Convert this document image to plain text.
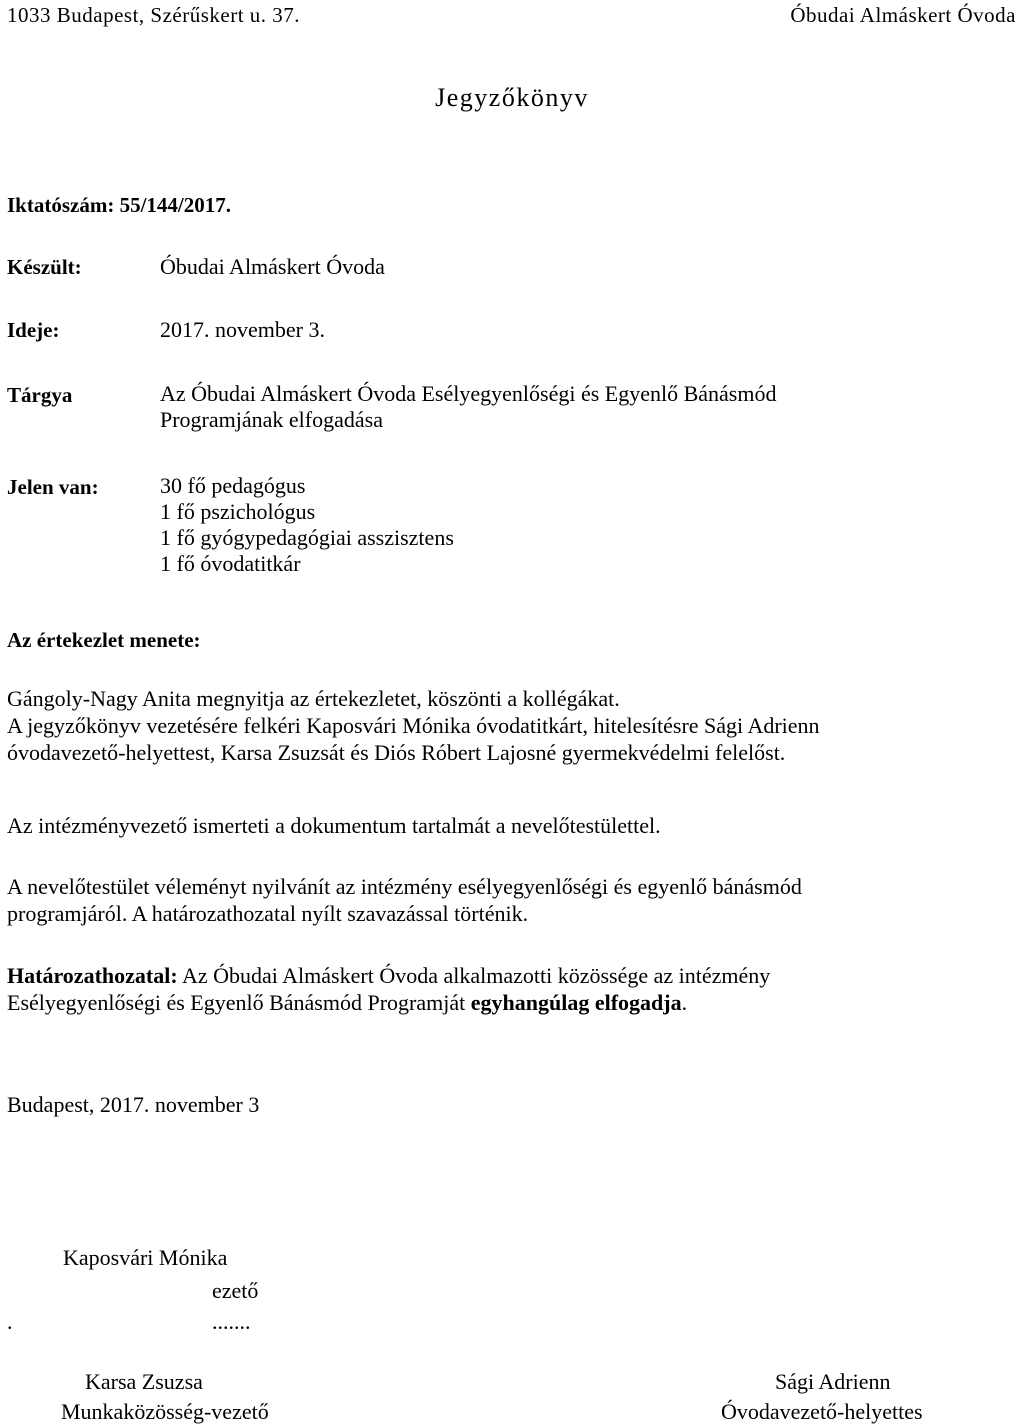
1033 Budapest, Szérűskert u. 37.	Óbudai Almáskert Óvoda
Jegyzőkönyv
Iktatószám: 55/144/2017.
Készült:	Óbudai Almáskert Óvoda
Ideje:	2017. november 3.
Tárgya	Az Óbudai Almáskert Óvoda Esélyegyenlőségi és Egyenlő Bánásmód
Programjának elfogadása
Jelen van:	30 fő pedagógus
1 fő pszichológus
1 fő gyógypedagógiai asszisztens
1 fő óvodatitkár
Az értekezlet menete:
Gángoly-Nagy Anita megnyitja az értekezletet, köszönti a kollégákat.
A jegyzőkönyv vezetésére felkéri Kaposvári Mónika óvodatitkárt, hitelesítésre Sági Adrienn
óvodavezető-helyettest, Karsa Zsuzsát és Diós Róbert Lajosné gyermekvédelmi felelőst.
Az intézményvezető ismerteti a dokumentum tartalmát a nevelőtestülettel.
A nevelőtestület véleményt nyilvánít az intézmény esélyegyenlőségi és egyenlő bánásmód
programjáról. A határozathozatal nyílt szavazással történik.
Határozathozatal: Az Óbudai Almáskert Óvoda alkalmazotti közössége az intézmény
Esélyegyenlőségi és Egyenlő Bánásmód Programját egyhangúlag elfogadja.
Budapest, 2017. november 3
Kaposvári Mónika
ezető
.	.......
Karsa Zsuzsa
Munkaközösség-vezető
Sági Adrienn
Óvodavezető-helyettes
